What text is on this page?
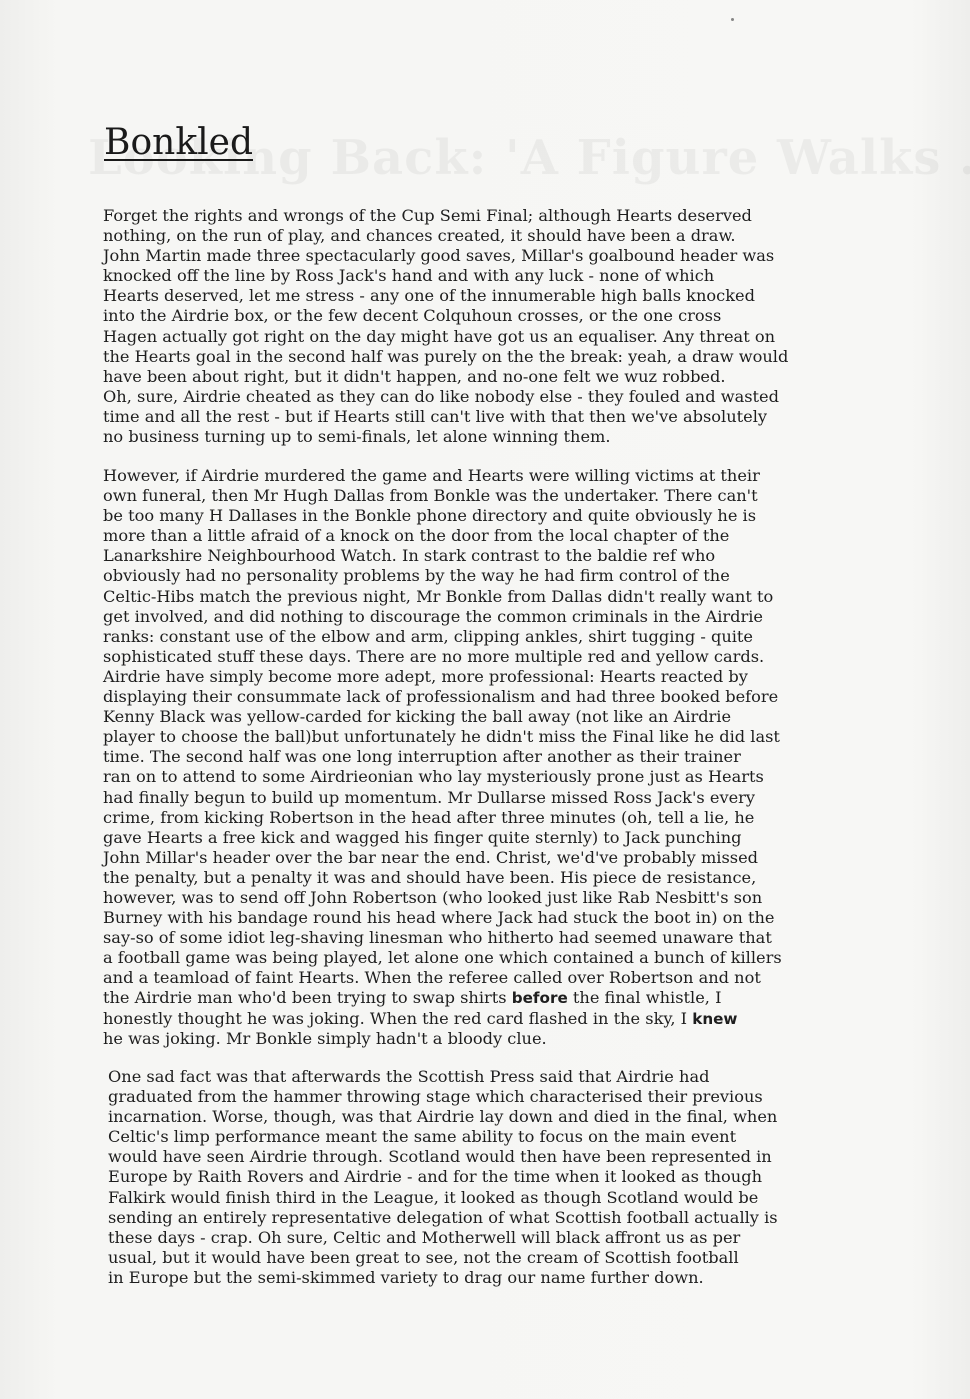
Bonkled

Forget the rights and wrongs of the Cup Semi Final; although Hearts deserved
nothing, on the run of play, and chances created, it should have been a draw.
John Martin made three spectacularly good saves, Millar's goalbound header was
knocked off the line by Ross Jack's hand and with any luck - none of which
Hearts deserved, let me stress - any one of the innumerable high balls knocked
into the Airdrie box, or the few decent Colquhoun crosses, or the one cross
Hagen actually got right on the day might have got us an equaliser. Any threat on
the Hearts goal in the second half was purely on the the break: yeah, a draw would
have been about right, but it didn't happen, and no-one felt we wuz robbed.
Oh, sure, Airdrie cheated as they can do like nobody else - they fouled and wasted
time and all the rest - but if Hearts still can't live with that then we've absolutely
no business turning up to semi-finals, let alone winning them.

However, if Airdrie murdered the game and Hearts were willing victims at their
own funeral, then Mr Hugh Dallas from Bonkle was the undertaker. There can't
be too many H Dallases in the Bonkle phone directory and quite obviously he is
more than a little afraid of a knock on the door from the local chapter of the
Lanarkshire Neighbourhood Watch. In stark contrast to the baldie ref who
obviously had no personality problems by the way he had firm control of the
Celtic-Hibs match the previous night, Mr Bonkle from Dallas didn't really want to
get involved, and did nothing to discourage the common criminals in the Airdrie
ranks: constant use of the elbow and arm, clipping ankles, shirt tugging - quite
sophisticated stuff these days. There are no more multiple red and yellow cards.
Airdrie have simply become more adept, more professional: Hearts reacted by
displaying their consummate lack of professionalism and had three booked before
Kenny Black was yellow-carded for kicking the ball away (not like an Airdrie
player to choose the ball)but unfortunately he didn't miss the Final like he did last
time. The second half was one long interruption after another as their trainer
ran on to attend to some Airdrieonian who lay mysteriously prone just as Hearts
had finally begun to build up momentum. Mr Dullarse missed Ross Jack's every
crime, from kicking Robertson in the head after three minutes (oh, tell a lie, he
gave Hearts a free kick and wagged his finger quite sternly) to Jack punching
John Millar's header over the bar near the end. Christ, we'd've probably missed
the penalty, but a penalty it was and should have been. His piece de resistance,
however, was to send off John Robertson (who looked just like Rab Nesbitt's son
Burney with his bandage round his head where Jack had stuck the boot in) on the
say-so of some idiot leg-shaving linesman who hitherto had seemed unaware that
a football game was being played, let alone one which contained a bunch of killers
and a teamload of faint Hearts. When the referee called over Robertson and not
the Airdrie man who'd been trying to swap shirts before the final whistle, I
honestly thought he was joking. When the red card flashed in the sky, I knew
he was joking. Mr Bonkle simply hadn't a bloody clue.

One sad fact was that afterwards the Scottish Press said that Airdrie had
graduated from the hammer throwing stage which characterised their previous
incarnation. Worse, though, was that Airdrie lay down and died in the final, when
Celtic's limp performance meant the same ability to focus on the main event
would have seen Airdrie through. Scotland would then have been represented in
Europe by Raith Rovers and Airdrie - and for the time when it looked as though
Falkirk would finish third in the League, it looked as though Scotland would be
sending an entirely representative delegation of what Scottish football actually is
these days - crap. Oh sure, Celtic and Motherwell will black affront us as per
usual, but it would have been great to see, not the cream of Scottish football
in Europe but the semi-skimmed variety to drag our name further down.
